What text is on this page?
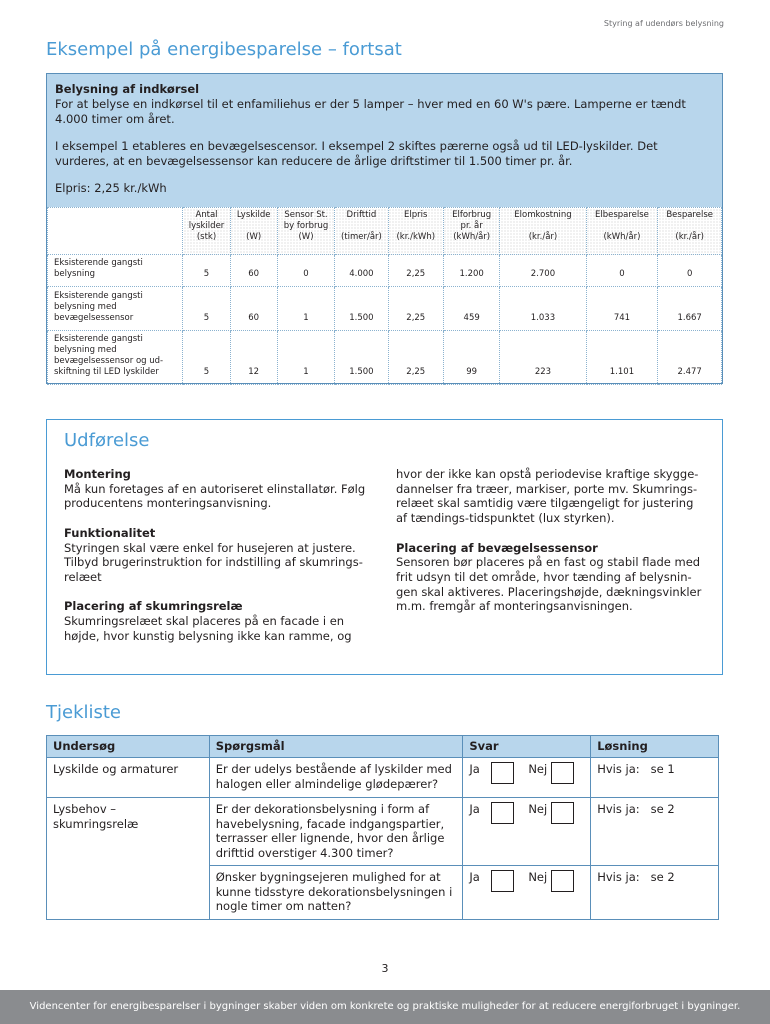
Styring af udendørs belysning
Eksempel på energibesparelse – fortsat

Belysning af indkørsel
For at belyse en indkørsel til et enfamiliehus er der 5 lamper – hver med en 60 W's pære. Lamperne er tændt 4.000 timer om året.

I eksempel 1 etableres en bevægelsescensor. I eksempel 2 skiftes pærerne også ud til LED-lyskilder. Det vurderes, at en bevægelsessensor kan reducere de årlige driftstimer til 1.500 timer pr. år.

Elpris: 2,25 kr./kWh

	Antal
lyskilder
(stk)	Lyskilde

(W)	Sensor St.
by forbrug
(W)	Drifttid

(timer/år)	Elpris

(kr./kWh)	Elforbrug
pr. år
(kWh/år)	Elomkostning

(kr./år)	Elbesparelse

(kWh/år)	Besparelse

(kr./år)
Eksisterende gangsti belysning	5	60	0	4.000	2,25	1.200	2.700	0	0
Eksisterende gangsti belysning med bevægelsessensor	5	60	1	1.500	2,25	459	1.033	741	1.667
Eksisterende gangsti belysning med bevægelsessensor og ud-skiftning til LED lyskilder	5	12	1	1.500	2,25	99	223	1.101	2.477
Udførelse
Montering
Må kun foretages af en autoriseret elinstallatør. Følg producentens monteringsanvisning.
Funktionalitet
Styringen skal være enkel for husejeren at justere. Tilbyd brugerinstruktion for indstilling af skumrings-relæet
Placering af skumringsrelæ
Skumringsrelæet skal placeres på en facade i en højde, hvor kunstig belysning ikke kan ramme, og
hvor der ikke kan opstå periodevise kraftige skygge-dannelser fra træer, markiser, porte mv. Skumrings-relæet skal samtidig være tilgængeligt for justering af tændings-tidspunktet (lux styrken).
Placering af bevægelsessensor
Sensoren bør placeres på en fast og stabil flade med frit udsyn til det område, hvor tænding af belysnin-gen skal aktiveres. Placeringshøjde, dækningsvinkler m.m. fremgår af monteringsanvisningen.
Tjekliste
Undersøg	Spørgsmål	Svar	Løsning
Lyskilde og armaturer	Er der udelys bestående af lyskilder med halogen eller almindelige glødepærer?	Ja Nej	Hvis ja: se 1
Lysbehov – skumringsrelæ	Er der dekorationsbelysning i form af havebelysning, facade indgangspartier, terrasser eller lignende, hvor den årlige drifttid overstiger 4.300 timer?	Ja Nej	Hvis ja: se 2
	Ønsker bygningsejeren mulighed for at kunne tidsstyre dekorationsbelysningen i nogle timer om natten?	Ja Nej	Hvis ja: se 2
3
Videncenter for energibesparelser i bygninger skaber viden om konkrete og praktiske muligheder for at reducere energiforbruget i bygninger.
